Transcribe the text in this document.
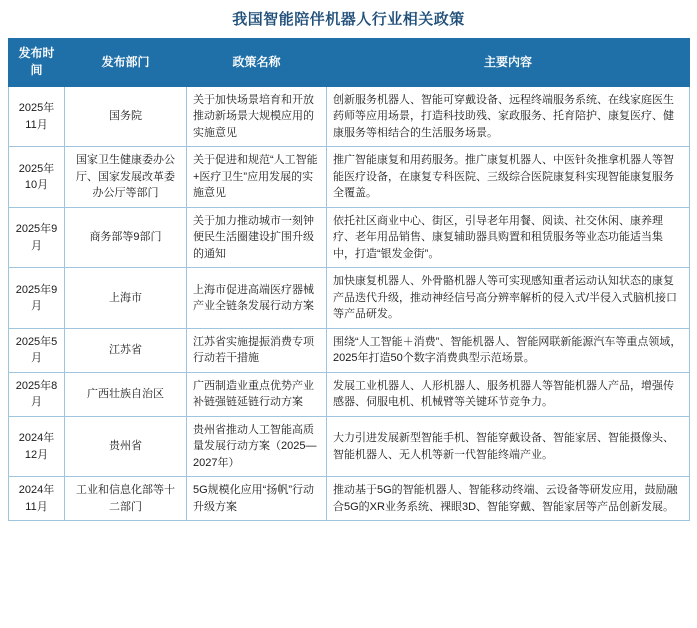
我国智能陪伴机器人行业相关政策
发布时间	发布部门	政策名称	主要内容
2025年11月	国务院	关于加快场景培育和开放推动新场景大规模应用的实施意见	创新服务机器人、智能可穿戴设备、远程终端服务系统、在线家庭医生药师等应用场景，打造科技助残、家政服务、托育陪护、康复医疗、健康服务等相结合的生活服务场景。
2025年10月	国家卫生健康委办公厅、国家发展改革委办公厅等部门	关于促进和规范“人工智能+医疗卫生”应用发展的实施意见	推广智能康复和用药服务。推广康复机器人、中医针灸推拿机器人等智能医疗设备，在康复专科医院、三级综合医院康复科实现智能康复服务全覆盖。
2025年9月	商务部等9部门	关于加力推动城市一刻钟便民生活圈建设扩围升级的通知	依托社区商业中心、街区，引导老年用餐、阅读、社交休闲、康养理疗、老年用品销售、康复辅助器具购置和租赁服务等业态功能适当集中，打造“银发金街”。
2025年9月	上海市	上海市促进高端医疗器械产业全链条发展行动方案	加快康复机器人、外骨骼机器人等可实现感知重者运动认知状态的康复产品迭代升级，推动神经信号高分辨率解析的侵入式/半侵入式脑机接口等产品研发。
2025年5月	江苏省	江苏省实施提振消费专项行动若干措施	围绕“人工智能＋消费”、智能机器人、智能网联新能源汽车等重点领域，2025年打造50个数字消费典型示范场景。
2025年8月	广西壮族自治区	广西制造业重点优势产业补链强链延链行动方案	发展工业机器人、人形机器人、服务机器人等智能机器人产品，增强传感器、伺服电机、机械臂等关键环节竞争力。
2024年12月	贵州省	贵州省推动人工智能高质量发展行动方案（2025—2027年）	大力引进发展新型智能手机、智能穿戴设备、智能家居、智能摄像头、智能机器人、无人机等新一代智能终端产业。
2024年11月	工业和信息化部等十二部门	5G规模化应用“扬帆”行动升级方案	推动基于5G的智能机器人、智能移动终端、云设备等研发应用，鼓励融合5G的XR业务系统、裸眼3D、智能穿戴、智能家居等产品创新发展。
